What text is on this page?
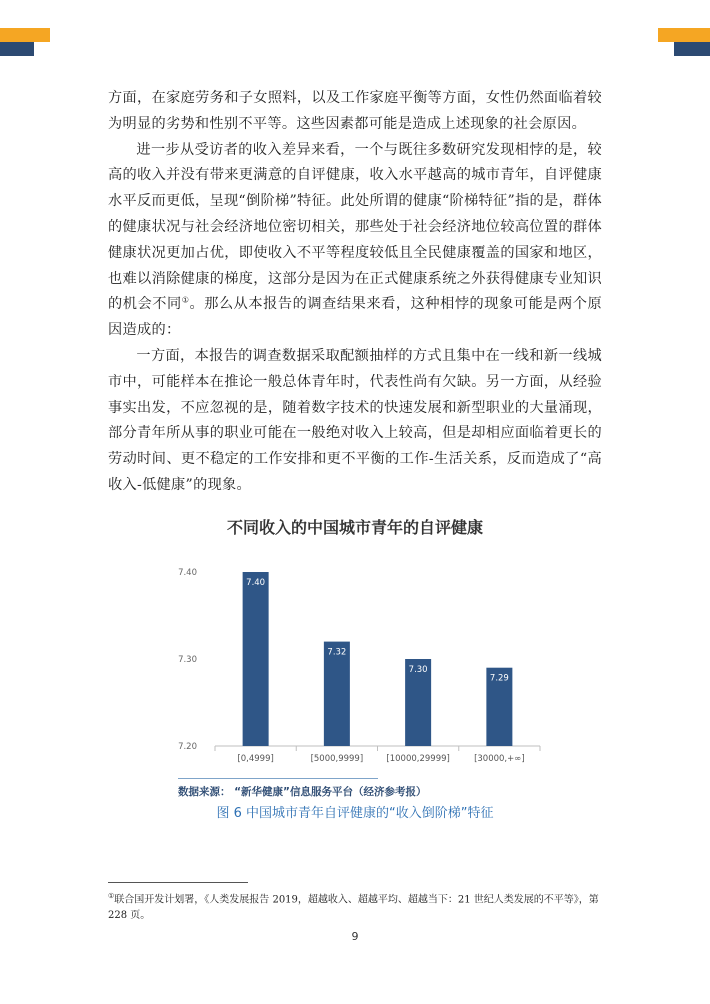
方面，在家庭劳务和子女照料，以及工作家庭平衡等方面，女性仍然面临着较为明显的劣势和性别不平等。这些因素都可能是造成上述现象的社会原因。

进一步从受访者的收入差异来看，一个与既往多数研究发现相悖的是，较高的收入并没有带来更满意的自评健康，收入水平越高的城市青年，自评健康水平反而更低，呈现“倒阶梯”特征。此处所谓的健康“阶梯特征”指的是，群体的健康状况与社会经济地位密切相关，那些处于社会经济地位较高位置的群体健康状况更加占优，即使收入不平等程度较低且全民健康覆盖的国家和地区，也难以消除健康的梯度，这部分是因为在正式健康系统之外获得健康专业知识的机会不同①。那么从本报告的调查结果来看，这种相悖的现象可能是两个原因造成的：

一方面，本报告的调查数据采取配额抽样的方式且集中在一线和新一线城市中，可能样本在推论一般总体青年时，代表性尚有欠缺。另一方面，从经验事实出发，不应忽视的是，随着数字技术的快速发展和新型职业的大量涌现，部分青年所从事的职业可能在一般绝对收入上较高，但是却相应面临着更长的劳动时间、更不稳定的工作安排和更不平衡的工作-生活关系，反而造成了“高收入-低健康”的现象。

不同收入的中国城市青年的自评健康
7.40
7.30
7.20
7.40
[0,4999]
7.32
[5000,9999]
7.30
[10000,29999]
7.29
[30000,+∞]
数据来源： “新华健康”信息服务平台（经济参考报）
图 6 中国城市青年自评健康的“收入倒阶梯”特征
①联合国开发计划署，《人类发展报告 2019，超越收入、超越平均、超越当下：21 世纪人类发展的不平等》，第 228 页。
9
